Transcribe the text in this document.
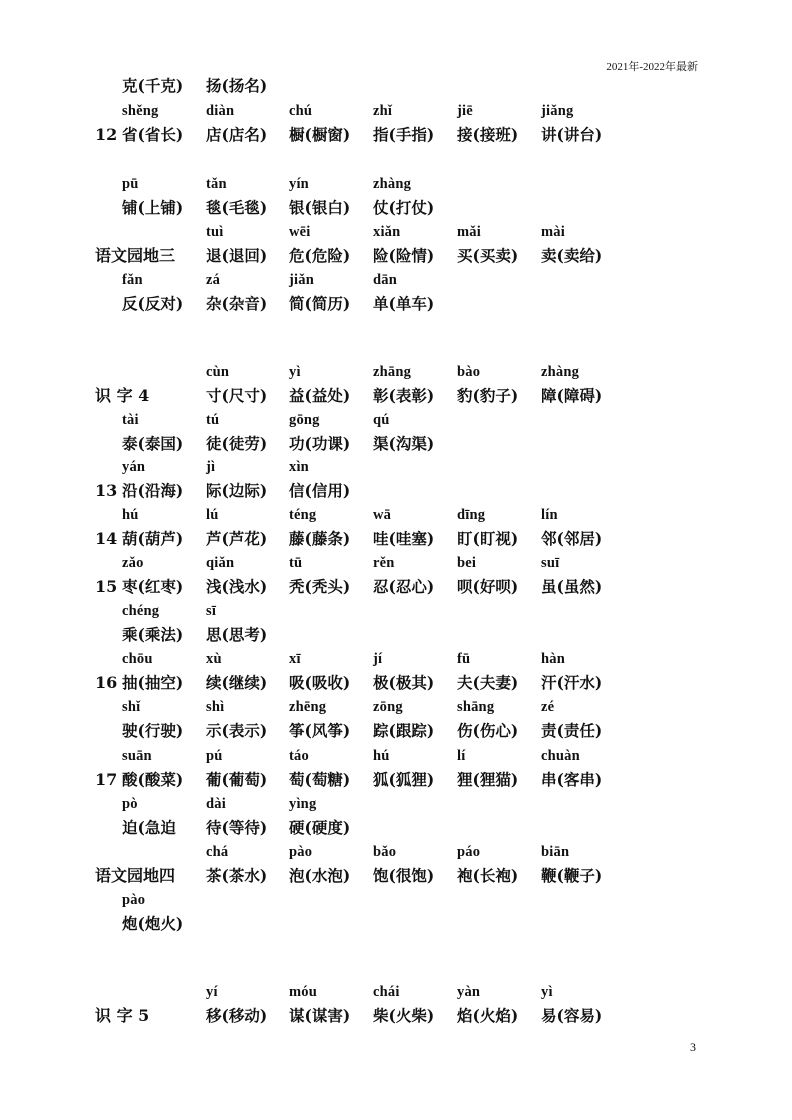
2021年-2022年最新
克(千克) 扬(扬名)
shěng	diàn	chú	zhǐ	jiē	jiǎng
12 省(省长) 店(店名) 橱(橱窗) 指(手指) 接(接班) 讲(讲台)
pū	tǎn	yín	zhàng
铺(上铺) 毯(毛毯) 银(银白) 仗(打仗)
tuì	wēi	xiǎn	mǎi	mài
语文园地三 退(退回) 危(危险) 险(险情) 买(买卖) 卖(卖给)
fǎn	zá	jiǎn	dān
反(反对) 杂(杂音) 简(简历) 单(单车)
cùn	yì	zhāng	bào	zhàng
识 字 4	寸(尺寸) 益(益处) 彰(表彰) 豹(豹子) 障(障碍)
tài	tú	gōng	qú
泰(泰国) 徒(徒劳) 功(功课) 渠(沟渠)
yán	jì	xìn
13 沿(沿海) 际(边际) 信(信用)
hú	lú	téng	wā	dīng	lín
14 葫(葫芦) 芦(芦花) 藤(藤条) 哇(哇塞) 盯(盯视) 邻(邻居)
zǎo	qiǎn	tū	rěn	bei	suī
15 枣(红枣) 浅(浅水) 秃(秃头) 忍(忍心) 呗(好呗) 虽(虽然)
chéng	sī
乘(乘法) 思(思考)
chōu	xù	xī	jí	fū	hàn
16 抽(抽空) 续(继续) 吸(吸收) 极(极其) 夫(夫妻) 汗(汗水)
shǐ	shì	zhēng	zōng	shāng	zé
驶(行驶) 示(表示) 筝(风筝) 踪(跟踪) 伤(伤心) 责(责任)
suān	pú	táo	hú	lí	chuàn
17 酸(酸菜) 葡(葡萄) 萄(萄糖) 狐(狐狸) 狸(狸猫) 串(客串)
pò	dài	yìng
迫(急迫 待(等待) 硬(硬度)
chá	pào	bǎo	páo	biān
语文园地四 茶(茶水) 泡(水泡) 饱(很饱) 袍(长袍) 鞭(鞭子)
pào
炮(炮火)
yí	móu	chái	yàn	yì
识 字 5	移(移动) 谋(谋害) 柴(火柴) 焰(火焰) 易(容易)
3
